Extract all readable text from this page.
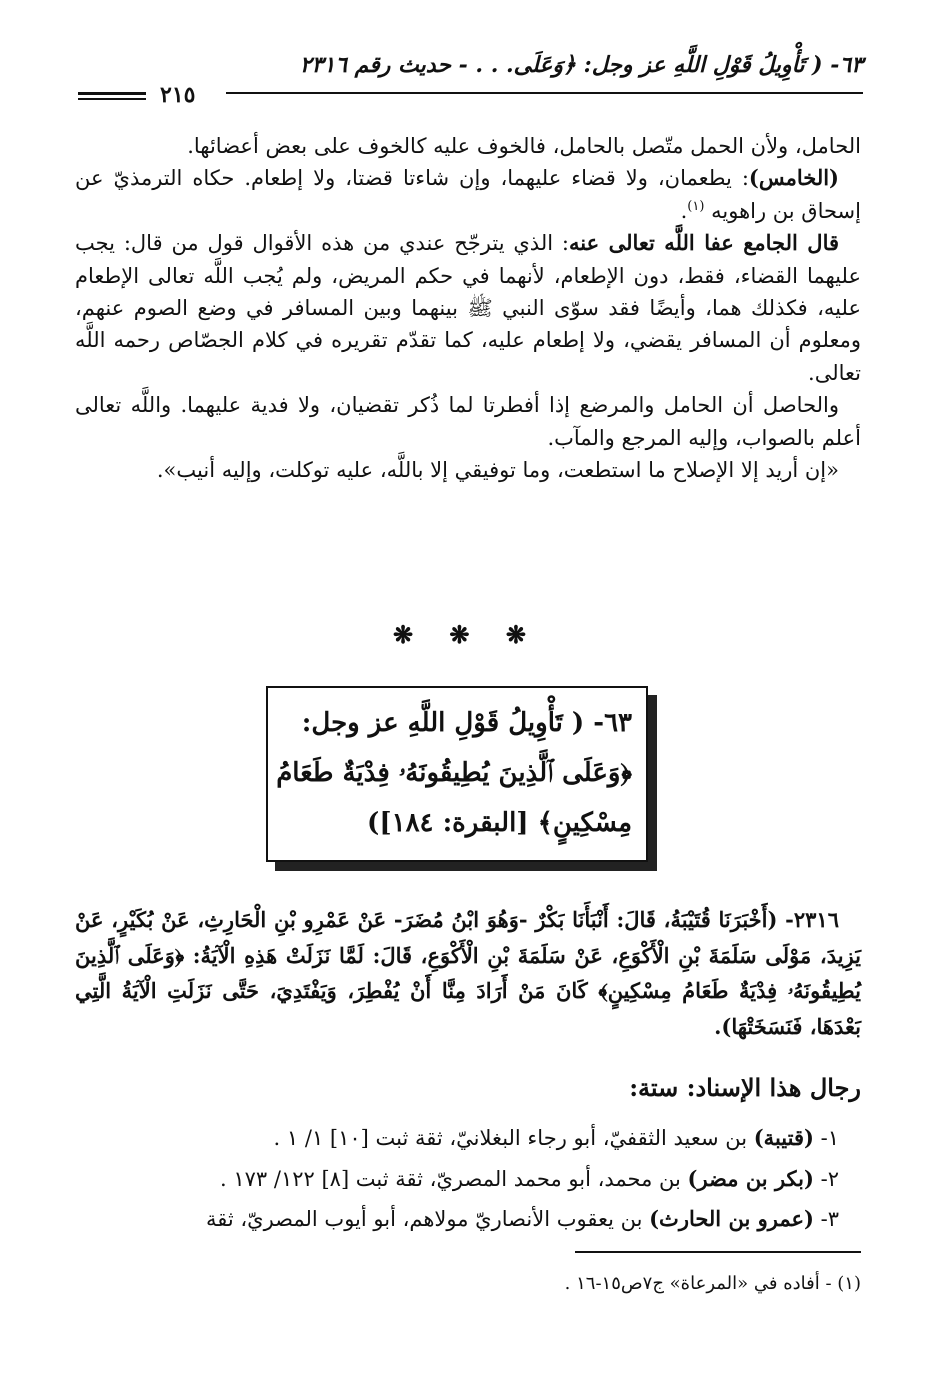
٦٣- ( تَأْوِيلُ قَوْلِ اللَّهِ عز وجل: ﴿وَعَلَى. . . - حديث رقم ٢٣١٦
٢١٥

الحامل، ولأن الحمل متّصل بالحامل، فالخوف عليه كالخوف على بعض أعضائها.

(الخامس): يطعمان، ولا قضاء عليهما، وإن شاءتا قضتا، ولا إطعام. حكاه الترمذيّ عن إسحاق بن راهويه $^{(١)}$.

قال الجامع عفا اللَّه تعالى عنه: الذي يترجّح عندي من هذه الأقوال قول من قال: يجب عليهما القضاء، فقط، دون الإطعام، لأنهما في حكم المريض، ولم يُجب اللَّه تعالى الإطعام عليه، فكذلك هما، وأيضًا فقد سوّى النبي ﷺ بينهما وبين المسافر في وضع الصوم عنهم، ومعلوم أن المسافر يقضي، ولا إطعام عليه، كما تقدّم تقريره في كلام الجصّاص رحمه اللَّه تعالى.

والحاصل أن الحامل والمرضع إذا أفطرتا لما ذُكر تقضيان، ولا فدية عليهما. واللَّه تعالى أعلم بالصواب، وإليه المرجع والمآب.

«إن أريد إلا الإصلاح ما استطعت، وما توفيقي إلا باللَّه، عليه توكلت، وإليه أنيب».

❋ ❋ ❋
٦٣- ( تَأْوِيلُ قَوْلِ اللَّهِ عز وجل:
﴿وَعَلَى ٱلَّذِينَ يُطِيقُونَهُۥ فِدْيَةٌ طَعَامُ
مِسْكِينٍ﴾ [البقرة: ١٨٤])

٢٣١٦- (أَخْبَرَنَا قُتَيْبَةُ، قَالَ: أَنْبَأَنَا بَكْرٌ -وَهُوَ ابْنُ مُضَرَ- عَنْ عَمْرِو بْنِ الْحَارِثِ، عَنْ بُكَيْرٍ، عَنْ يَزِيدَ، مَوْلَى سَلَمَةَ بْنِ الْأَكْوَعِ، عَنْ سَلَمَةَ بْنِ الْأَكْوَعِ، قَالَ: لَمَّا نَزَلَتْ هَذِهِ الْآيَةُ: ﴿وَعَلَى ٱلَّذِينَ يُطِيقُونَهُۥ فِدْيَةٌ طَعَامُ مِسْكِينٍ﴾ كَانَ مَنْ أَرَادَ مِنَّا أَنْ يُفْطِرَ، وَيَفْتَدِيَ، حَتَّى نَزَلَتِ الْآيَةُ الَّتِي بَعْدَهَا، فَنَسَخَتْهَا).

رجال هذا الإسناد: ستة:

١- (قتيبة) بن سعيد الثقفيّ، أبو رجاء البغلانيّ، ثقة ثبت [١٠] ١/ ١ .

٢- (بكر بن مضر) بن محمد، أبو محمد المصريّ، ثقة ثبت [٨] ١٢٢/ ١٧٣ .

٣- (عمرو بن الحارث) بن يعقوب الأنصاريّ مولاهم، أبو أيوب المصريّ، ثقة

(١) - أفاده في «المرعاة» ج٧ص١٥-١٦ .
